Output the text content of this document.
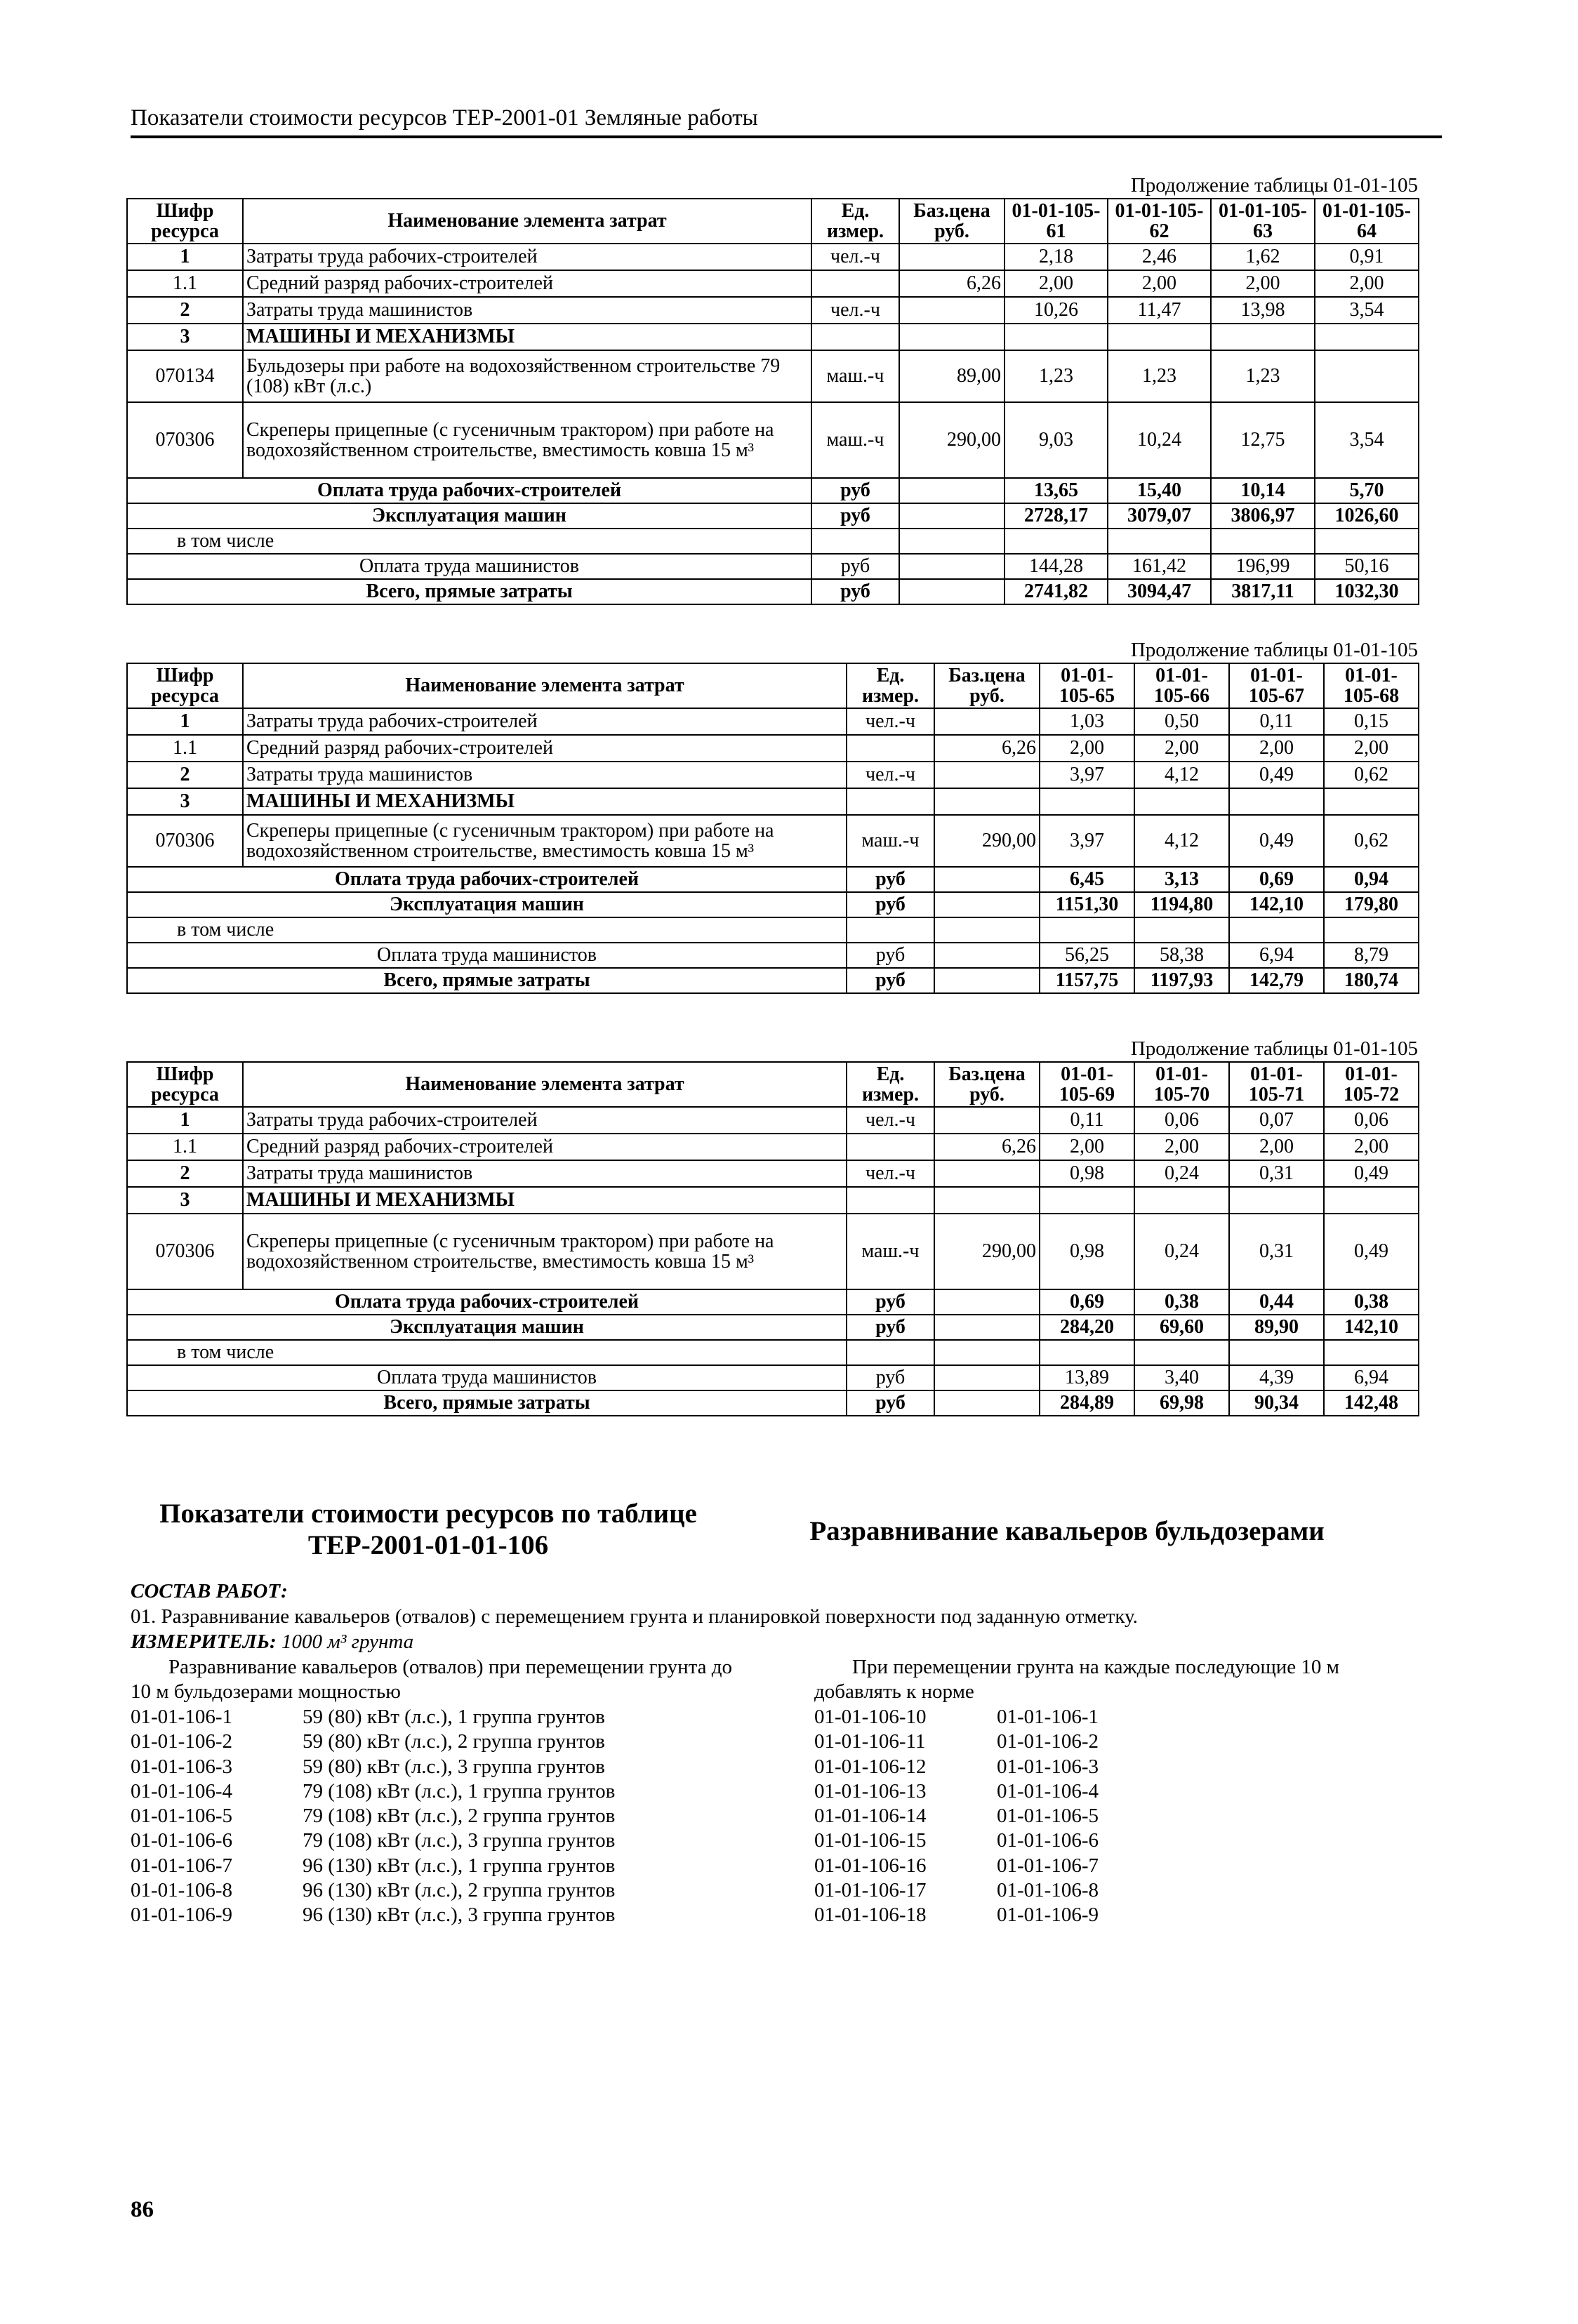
Показатели стоимости ресурсов ТЕР-2001-01 Земляные работы
Продолжение таблицы 01-01-105
Шифр ресурса	Наименование элемента затрат	Ед. измер.	Баз.цена руб.	01-01-105-61	01-01-105-62	01-01-105-63	01-01-105-64
1	Затраты труда рабочих-строителей	чел.-ч		2,18	2,46	1,62	0,91
1.1	Средний разряд рабочих-строителей		6,26	2,00	2,00	2,00	2,00
2	Затраты труда машинистов	чел.-ч		10,26	11,47	13,98	3,54
3	МАШИНЫ И МЕХАНИЗМЫ						
070134	Бульдозеры при работе на водохозяйственном строительстве 79 (108) кВт (л.с.)	маш.-ч	89,00	1,23	1,23	1,23	
070306	Скреперы прицепные (с гусеничным трактором) при работе на водохозяйственном строительстве, вместимость ковша 15 м³	маш.-ч	290,00	9,03	10,24	12,75	3,54
Оплата труда рабочих-строителей		руб		13,65	15,40	10,14	5,70
Эксплуатация машин		руб		2728,17	3079,07	3806,97	1026,60
в том числе							
Оплата труда машинистов		руб		144,28	161,42	196,99	50,16
Всего, прямые затраты		руб		2741,82	3094,47	3817,11	1032,30
Продолжение таблицы 01-01-105
Шифр ресурса	Наименование элемента затрат	Ед. измер.	Баз.цена руб.	01-01-105-65	01-01-105-66	01-01-105-67	01-01-105-68
1	Затраты труда рабочих-строителей	чел.-ч		1,03	0,50	0,11	0,15
1.1	Средний разряд рабочих-строителей		6,26	2,00	2,00	2,00	2,00
2	Затраты труда машинистов	чел.-ч		3,97	4,12	0,49	0,62
3	МАШИНЫ И МЕХАНИЗМЫ						
070306	Скреперы прицепные (с гусеничным трактором) при работе на водохозяйственном строительстве, вместимость ковша 15 м³	маш.-ч	290,00	3,97	4,12	0,49	0,62
Оплата труда рабочих-строителей		руб		6,45	3,13	0,69	0,94
Эксплуатация машин		руб		1151,30	1194,80	142,10	179,80
в том числе							
Оплата труда машинистов		руб		56,25	58,38	6,94	8,79
Всего, прямые затраты		руб		1157,75	1197,93	142,79	180,74
Продолжение таблицы 01-01-105
Шифр ресурса	Наименование элемента затрат	Ед. измер.	Баз.цена руб.	01-01-105-69	01-01-105-70	01-01-105-71	01-01-105-72
1	Затраты труда рабочих-строителей	чел.-ч		0,11	0,06	0,07	0,06
1.1	Средний разряд рабочих-строителей		6,26	2,00	2,00	2,00	2,00
2	Затраты труда машинистов	чел.-ч		0,98	0,24	0,31	0,49
3	МАШИНЫ И МЕХАНИЗМЫ						
070306	Скреперы прицепные (с гусеничным трактором) при работе на водохозяйственном строительстве, вместимость ковша 15 м³	маш.-ч	290,00	0,98	0,24	0,31	0,49
Оплата труда рабочих-строителей		руб		0,69	0,38	0,44	0,38
Эксплуатация машин		руб		284,20	69,60	89,90	142,10
в том числе							
Оплата труда машинистов		руб		13,89	3,40	4,39	6,94
Всего, прямые затраты		руб		284,89	69,98	90,34	142,48
Показатели стоимости ресурсов по таблице ТЕР-2001-01-01-106	Разравнивание кавальеров бульдозерами
СОСТАВ РАБОТ:
01. Разравнивание кавальеров (отвалов) с перемещением грунта и планировкой поверхности под заданную отметку.
ИЗМЕРИТЕЛЬ: 1000 м³ грунта
Разравнивание кавальеров (отвалов) при перемещении грунта до 10 м бульдозерами мощностью
При перемещении грунта на каждые последующие 10 м добавлять к норме
01-01-106-1	59 (80) кВт (л.с.), 1 группа грунтов
01-01-106-2	59 (80) кВт (л.с.), 2 группа грунтов
01-01-106-3	59 (80) кВт (л.с.), 3 группа грунтов
01-01-106-4	79 (108) кВт (л.с.), 1 группа грунтов
01-01-106-5	79 (108) кВт (л.с.), 2 группа грунтов
01-01-106-6	79 (108) кВт (л.с.), 3 группа грунтов
01-01-106-7	96 (130) кВт (л.с.), 1 группа грунтов
01-01-106-8	96 (130) кВт (л.с.), 2 группа грунтов
01-01-106-9	96 (130) кВт (л.с.), 3 группа грунтов
01-01-106-10	01-01-106-1
01-01-106-11	01-01-106-2
01-01-106-12	01-01-106-3
01-01-106-13	01-01-106-4
01-01-106-14	01-01-106-5
01-01-106-15	01-01-106-6
01-01-106-16	01-01-106-7
01-01-106-17	01-01-106-8
01-01-106-18	01-01-106-9
86
